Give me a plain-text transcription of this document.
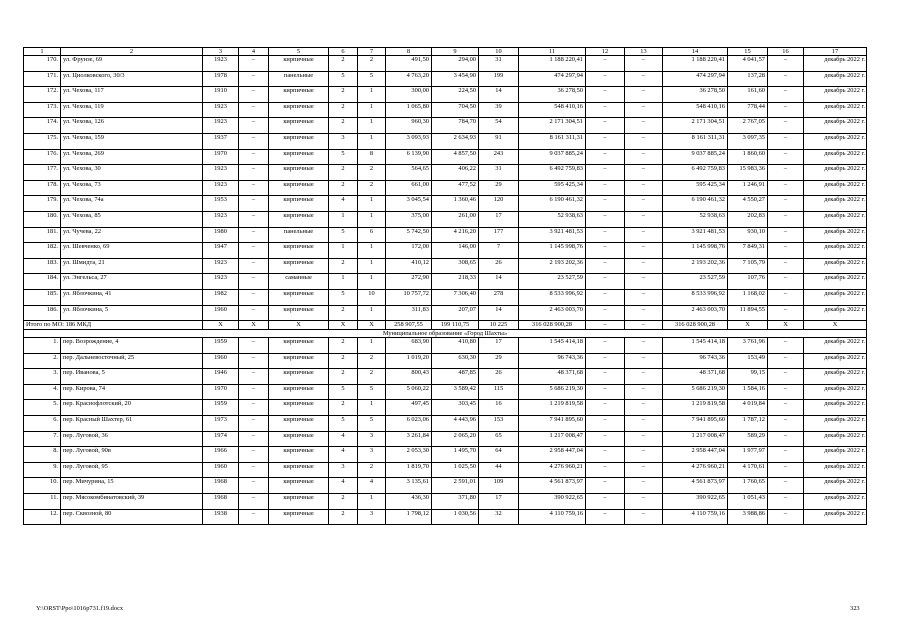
1	2	3	4	5	6	7	8	9	10	11	12	13	14	15	16	17
170.	ул. Фрунзе, 69	1923	–	кирпичные	2	2	491,50	294,00	31	1 188 220,41	–	–	1 188 220,41	4 041,57	–	декабрь 2022 г.
171.	ул. Циолковского, 30/3	1978	–	панельные	5	5	4 763,20	3 454,90	199	474 297,94	–	–	474 297,94	137,28	–	декабрь 2022 г.
172.	ул. Чехова, 117	1910	–	кирпичные	2	1	300,00	224,50	14	36 278,50	–	–	36 278,50	161,60	–	декабрь 2022 г.
173.	ул. Чехова, 119	1923	–	кирпичные	2	1	1 065,80	704,50	39	548 410,16	–	–	548 410,16	778,44	–	декабрь 2022 г.
174.	ул. Чехова, 126	1923	–	кирпичные	2	1	960,30	784,70	54	2 171 304,51	–	–	2 171 304,51	2 767,05	–	декабрь 2022 г.
175.	ул. Чехова, 159	1937	–	кирпичные	3	1	3 093,93	2 634,93	91	8 161 311,31	–	–	8 161 311,31	3 097,35	–	декабрь 2022 г.
176.	ул. Чехова, 269	1970	–	кирпичные	5	8	6 139,90	4 857,50	243	9 037 885,24	–	–	9 037 885,24	1 860,60	–	декабрь 2022 г.
177.	ул. Чехова, 30	1923	–	кирпичные	2	2	564,65	406,22	31	6 492 759,83	–	–	6 492 759,83	15 983,36	–	декабрь 2022 г.
178.	ул. Чехова, 73	1923	–	кирпичные	2	2	661,00	477,52	29	595 425,34	–	–	595 425,34	1 246,91	–	декабрь 2022 г.
179.	ул. Чехова, 74а	1953	–	кирпичные	4	1	3 045,54	1 360,46	120	6 190 461,32	–	–	6 190 461,32	4 550,27	–	декабрь 2022 г.
180.	ул. Чехова, 85	1923	–	кирпичные	1	1	375,00	261,00	17	52 938,63	–	–	52 938,63	202,83	–	декабрь 2022 г.
181.	ул. Чучева, 22	1980	–	панельные	5	6	5 742,50	4 216,20	177	3 921 481,53	–	–	3 921 481,53	930,10	–	декабрь 2022 г.
182.	ул. Шевченко, 69	1947	–	кирпичные	1	1	172,00	146,00	7	1 145 998,76	–	–	1 145 998,76	7 849,31	–	декабрь 2022 г.
183.	ул. Шмидта, 21	1923	–	кирпичные	2	1	410,12	308,65	26	2 193 202,36	–	–	2 193 202,36	7 105,79	–	декабрь 2022 г.
184.	ул. Энгельса, 27	1923	–	саманные	1	1	272,90	218,33	14	23 527,59	–	–	23 527,59	107,76	–	декабрь 2022 г.
185.	ул. Яблочкина, 41	1982	–	кирпичные	5	10	10 757,72	7 306,40	278	8 533 996,92	–	–	8 533 996,92	1 168,02	–	декабрь 2022 г.
186.	ул. Яблочкина, 5	1960	–	кирпичные	2	1	311,83	207,07	14	2 463 003,70	–	–	2 463 003,70	11 894,55	–	декабрь 2022 г.
Итого по МО: 186 МКД		X	X	X	X	X	258 907,55	199 110,75	10 225	316 028 900,28	–	–	316 028 900,28	X	X	X
Муниципальное образование «Город Шахты»																
1.	пер. Возрождение, 4	1959	–	кирпичные	2	1	683,90	410,80	17	1 545 414,18	–	–	1 545 414,18	3 761,96	–	декабрь 2022 г.
2.	пер. Дальневосточный, 25	1960	–	кирпичные	2	2	1 019,20	630,30	29	96 743,36	–	–	96 743,36	153,49	–	декабрь 2022 г.
3.	пер. Иванова, 5	1946	–	кирпичные	2	2	800,43	487,85	26	48 371,68	–	–	48 371,68	99,15	–	декабрь 2022 г.
4.	пер. Кирова, 74	1970	–	кирпичные	5	5	5 060,22	3 589,42	115	5 686 219,30	–	–	5 686 219,30	1 584,16	–	декабрь 2022 г.
5.	пер. Краснофлотский, 20	1959	–	кирпичные	2	1	497,45	303,45	16	1 219 819,58	–	–	1 219 819,58	4 019,84	–	декабрь 2022 г.
6.	пер. Красный Шахтер, 61	1973	–	кирпичные	5	5	6 023,06	4 443,96	153	7 941 895,60	–	–	7 941 895,60	1 787,12	–	декабрь 2022 г.
7.	пер. Луговой, 36	1974	–	кирпичные	4	3	3 261,84	2 065,20	65	1 217 008,47	–	–	1 217 008,47	589,29	–	декабрь 2022 г.
8.	пер. Луговой, 90в	1966	–	кирпичные	4	3	2 053,30	1 495,70	64	2 958 447,04	–	–	2 958 447,04	1 977,97	–	декабрь 2022 г.
9.	пер. Луговой, 95	1960	–	кирпичные	3	2	1 819,70	1 025,50	44	4 276 960,21	–	–	4 276 960,21	4 170,61	–	декабрь 2022 г.
10.	пер. Мичурина, 15	1968	–	кирпичные	4	4	3 135,61	2 591,01	109	4 561 873,97	–	–	4 561 873,97	1 760,65	–	декабрь 2022 г.
11.	пер. Мясокомбинатовский, 39	1968	–	кирпичные	2	1	436,30	371,80	17	390 922,65	–	–	390 922,65	1 051,43	–	декабрь 2022 г.
12.	пер. Сквозной, 80	1938	–	кирпичные	2	3	1 798,12	1 030,56	32	4 110 759,16	–	–	4 110 759,16	3 988,86	–	декабрь 2022 г.
Y:\ORST\Ppo\1016p731.f19.docx	323
